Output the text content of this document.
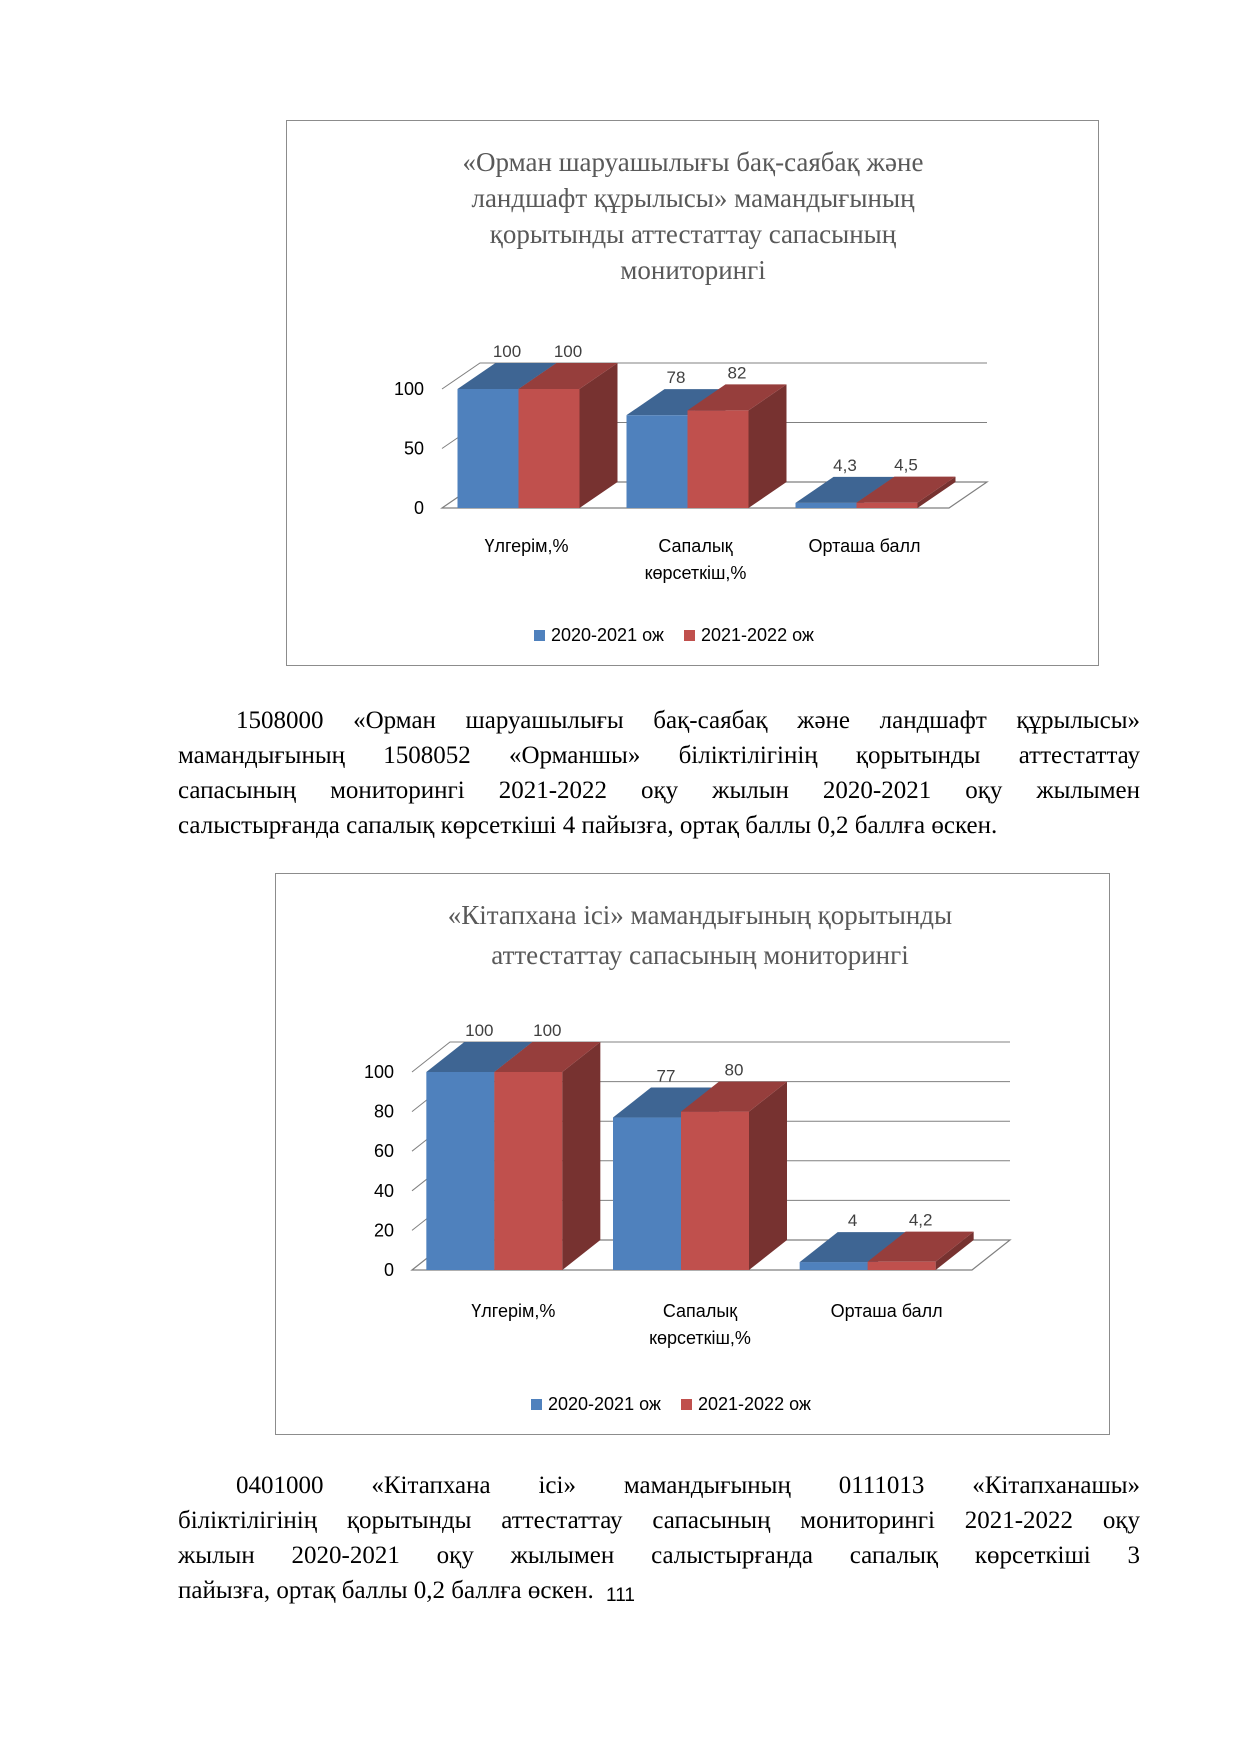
«Орман шаруашылығы бақ-саябақ және
ландшафт құрылысы» мамандығының
қорытынды аттестаттау сапасының
мониторингі
0
50
100
100 100
Үлгерім,%
78 82
Сапалық
көрсеткіш,%
4,3 4,5
Орташа балл
2020-2021 ож 2021-2022 ож

1508000 «Орман шаруашылығы бақ-саябақ және ландшафт құрылысы»
мамандығының 1508052 «Орманшы» біліктілігінің қорытынды аттестаттау
сапасының мониторингі 2021-2022 оқу жылын 2020-2021 оқу жылымен
салыстырғанда сапалық көрсеткіші 4 пайызға, ортақ баллы 0,2 баллға өскен.

«Кітапхана ісі» мамандығының қорытынды
аттестаттау сапасының мониторингі
0
20
40
60
80
100
100 100
Үлгерім,%
77	80
Сапалық
көрсеткіш,%
4	4,2
Орташа балл
2020-2021 ож 2021-2022 ож

0401000 «Кітапхана ісі» мамандығының 0111013 «Кітапханашы»
біліктілігінің қорытынды аттестаттау сапасының мониторингі 2021-2022 оқу
жылын 2020-2021 оқу жылымен салыстырғанда сапалық көрсеткіші 3
пайызға, ортақ баллы 0,2 баллға өскен. 111
